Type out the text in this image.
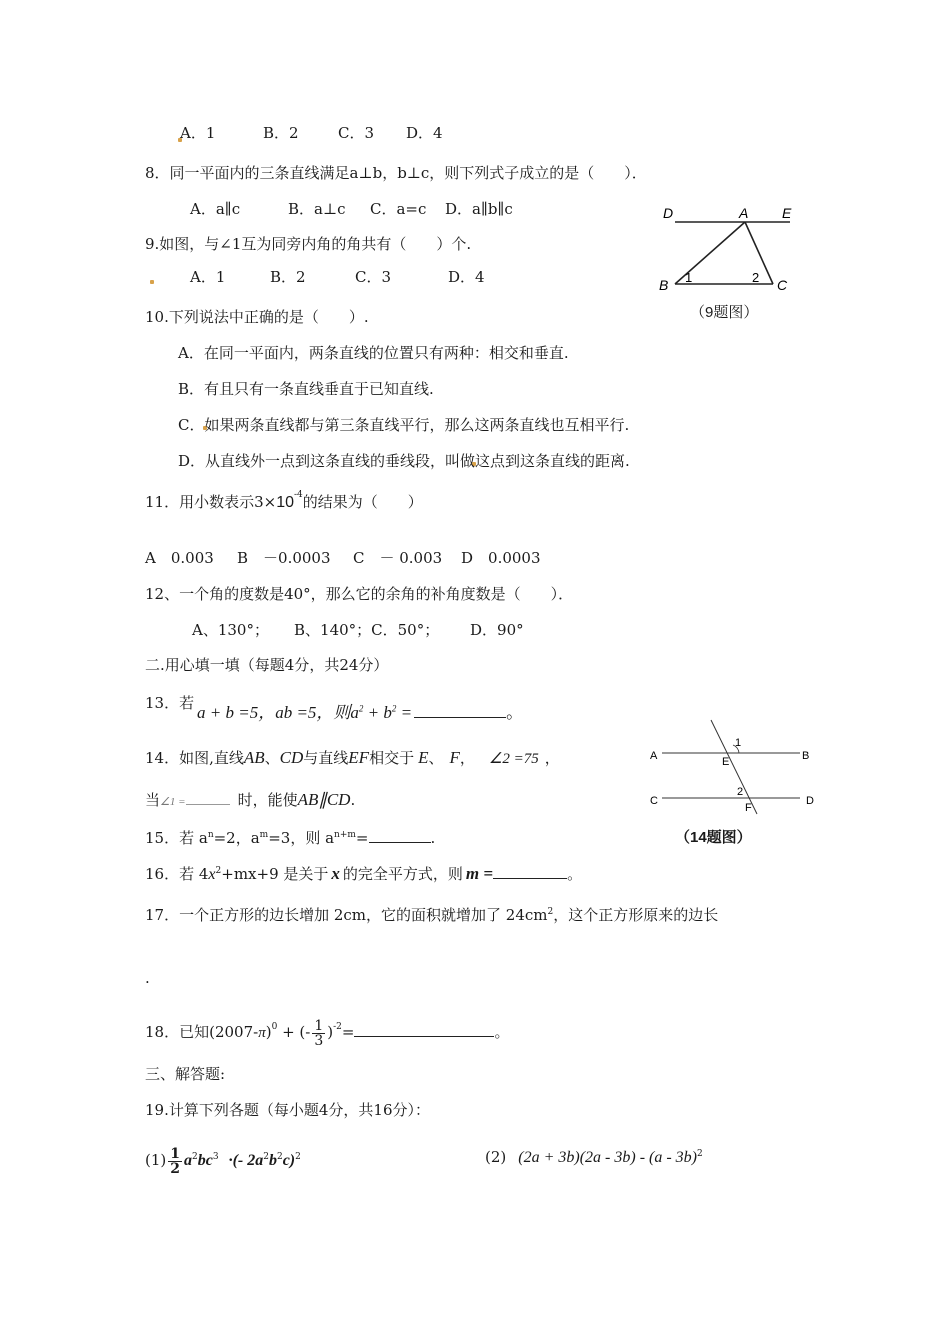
A．1	B．2	C．3 D．4
8．同一平面内的三条直线满足a⊥b，b⊥c，则下列式子成立的是（　　）．
A．a∥c	B．a⊥c C．a=c D．a∥b∥c
9.如图，与∠1互为同旁内角的角共有（　　）个.
A．1	B．2	C．3	D．4
D	A E
B	C
1	2
（9题图）
10.下列说法中正确的是（　　）.
A．在同一平面内，两条直线的位置只有两种：相交和垂直.
B．有且只有一条直线垂直于已知直线.
C．如果两条直线都与第三条直线平行，那么这两条直线也互相平行.
D．从直线外一点到这条直线的垂线段，叫做这点到这条直线的距离.
11．用小数表示$3\times 10^{-4}$的结果为（　　）
A　0.003 B　－0.0003 C　－ 0.003 D　0.0003
12、一个角的度数是40°，那么它的余角的补角度数是（　　）．
A、130°； B、140°；C．50°； D．90°
二.用心填一填（每题4分，共24分）
13．若 a + b =5，ab =5，则$a^2 + b^2$ =	。
14．如图,直线AB、CD与直线EF相交于 E、 F， ∠2 =75 ，
当∠1 =	时，能使AB∥CD.
A	B
C	D
E
F
1
2
（14题图）
15．若 $a^n=2$，$a^m=3$，则 $a^{n+m}=$	.
16．若 $4x^2+mx+9$ 是关于 x 的完全平方式，则 m =	。
17．一个正方形的边长增加 2cm，它的面积就增加了 $24cm^2$，这个正方形原来的边长
.
18．已知$(2007-\pi)^0$ + (- $\frac{1}{3} )^{-2}=$	。
三、解答题:
19.计算下列各题（每小题4分，共16分）：
$(1) \frac{1}{2} a^2bc^3$ ·(- $2a^2b^2c)^2$	(2) (2a + 3b)(2a - 3b) - (a - 3b)$^2$
